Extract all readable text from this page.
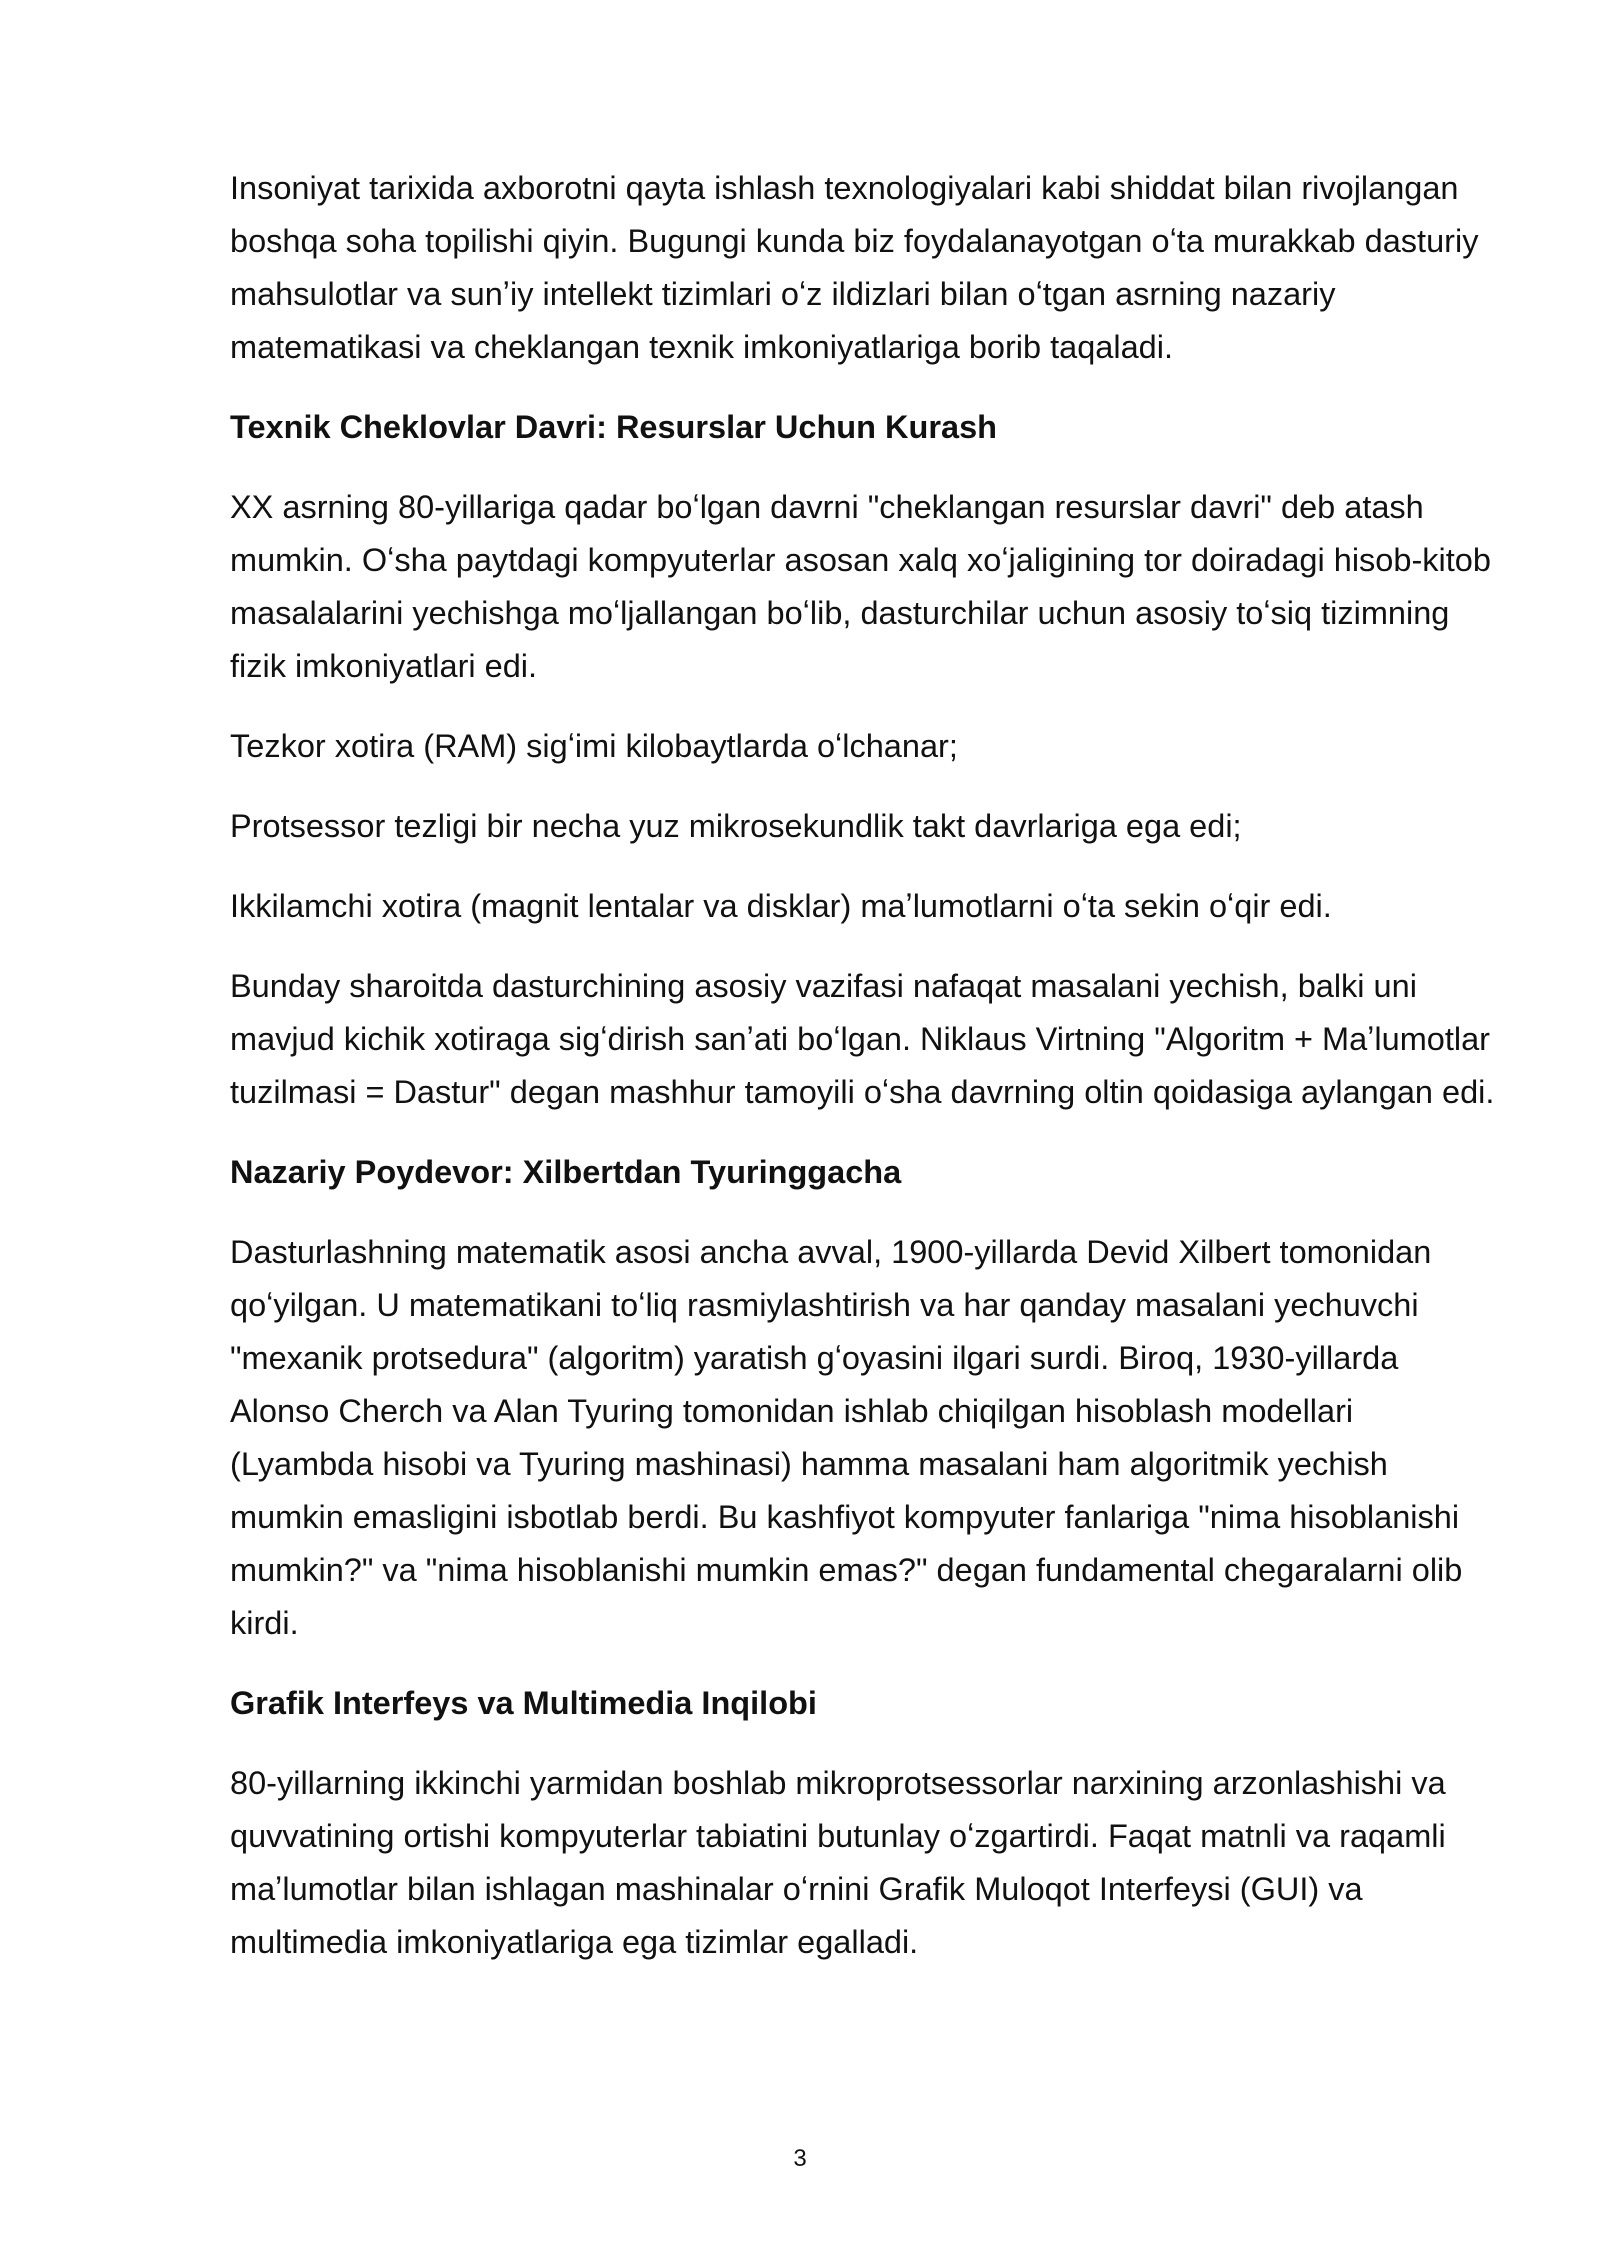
Insoniyat tarixida axborotni qayta ishlash texnologiyalari kabi shiddat bilan rivojlangan boshqa soha topilishi qiyin. Bugungi kunda biz foydalanayotgan oʻta murakkab dasturiy mahsulotlar va sunʼiy intellekt tizimlari oʻz ildizlari bilan oʻtgan asrning nazariy matematikasi va cheklangan texnik imkoniyatlariga borib taqaladi.

Texnik Cheklovlar Davri: Resurslar Uchun Kurash

XX asrning 80-yillariga qadar boʻlgan davrni "cheklangan resurslar davri" deb atash mumkin. Oʻsha paytdagi kompyuterlar asosan xalq xoʻjaligining tor doiradagi hisob-kitob masalalarini yechishga moʻljallangan boʻlib, dasturchilar uchun asosiy toʻsiq tizimning fizik imkoniyatlari edi.

Tezkor xotira (RAM) sigʻimi kilobaytlarda oʻlchanar;

Protsessor tezligi bir necha yuz mikrosekundlik takt davrlariga ega edi;

Ikkilamchi xotira (magnit lentalar va disklar) maʼlumotlarni oʻta sekin oʻqir edi.

Bunday sharoitda dasturchining asosiy vazifasi nafaqat masalani yechish, balki uni mavjud kichik xotiraga sigʻdirish sanʼati boʻlgan. Niklaus Virtning "Algoritm + Maʼlumotlar tuzilmasi = Dastur" degan mashhur tamoyili oʻsha davrning oltin qoidasiga aylangan edi.

Nazariy Poydevor: Xilbertdan Tyuringgacha

Dasturlashning matematik asosi ancha avval, 1900-yillarda Devid Xilbert tomonidan qoʻyilgan. U matematikani toʻliq rasmiylashtirish va har qanday masalani yechuvchi "mexanik protsedura" (algoritm) yaratish gʻoyasini ilgari surdi. Biroq, 1930-yillarda Alonso Cherch va Alan Tyuring tomonidan ishlab chiqilgan hisoblash modellari (Lyambda hisobi va Tyuring mashinasi) hamma masalani ham algoritmik yechish mumkin emasligini isbotlab berdi. Bu kashfiyot kompyuter fanlariga "nima hisoblanishi mumkin?" va "nima hisoblanishi mumkin emas?" degan fundamental chegaralarni olib kirdi.

Grafik Interfeys va Multimedia Inqilobi

80-yillarning ikkinchi yarmidan boshlab mikroprotsessorlar narxining arzonlashishi va quvvatining ortishi kompyuterlar tabiatini butunlay oʻzgartirdi. Faqat matnli va raqamli maʼlumotlar bilan ishlagan mashinalar oʻrnini Grafik Muloqot Interfeysi (GUI) va multimedia imkoniyatlariga ega tizimlar egalladi.

3
